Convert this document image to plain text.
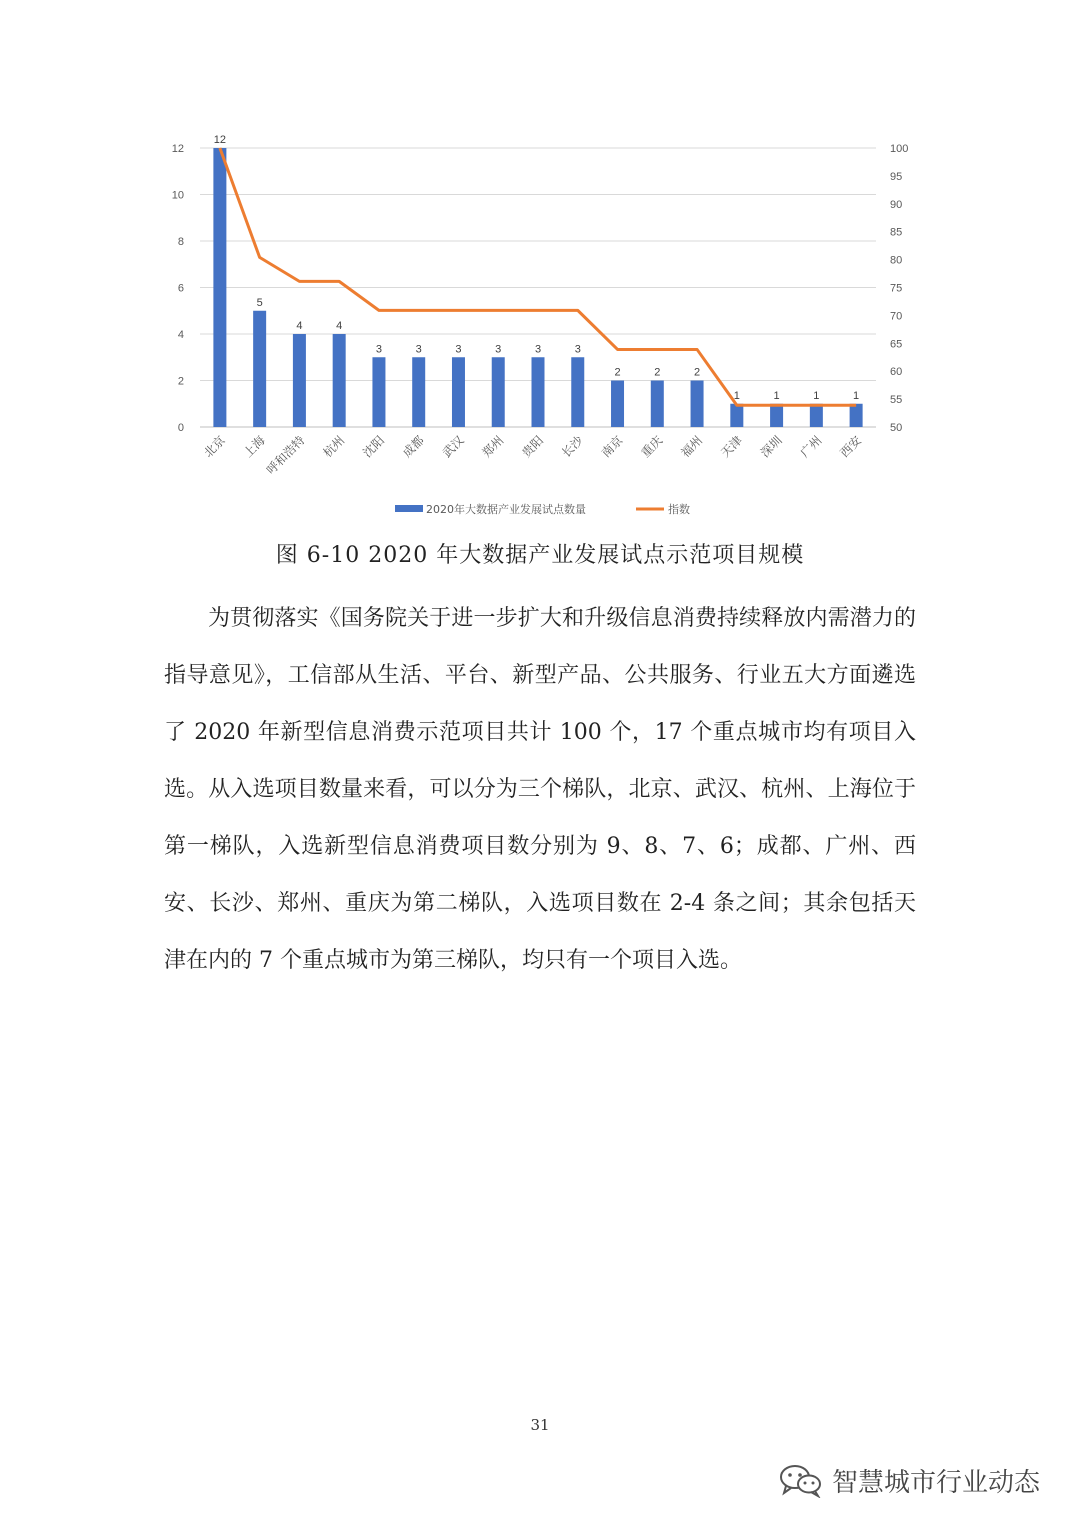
12
5
4	4
3	3	3	3	3	3
2	2	2
1	1	1	1
0
2
4
6
8
10
12
50
55
60
65
70
75
80
85
90
95
100
北京 上海
呼和浩特 杭州 沈阳 成都 武汉 郑州 贵阳 长沙 南京 重庆 福州 天津 深圳 广州 西安
2020年大数据产业发展试点数量	指数
图 6-10 2020 年大数据产业发展试点示范项目规模

为贯彻落实《国务院关于进一步扩大和升级信息消费持续释放内需潜力的指导意见》，工信部从生活、平台、新型产品、公共服务、行业五大方面遴选了 2020 年新型信息消费示范项目共计 100 个，17 个重点城市均有项目入选。从入选项目数量来看，可以分为三个梯队，北京、武汉、杭州、上海位于第一梯队，入选新型信息消费项目数分别为 9、8、7、6；成都、广州、西安、长沙、郑州、重庆为第二梯队，入选项目数在 2-4 条之间；其余包括天津在内的 7 个重点城市为第三梯队，均只有一个项目入选。

31
智慧城市行业动态
